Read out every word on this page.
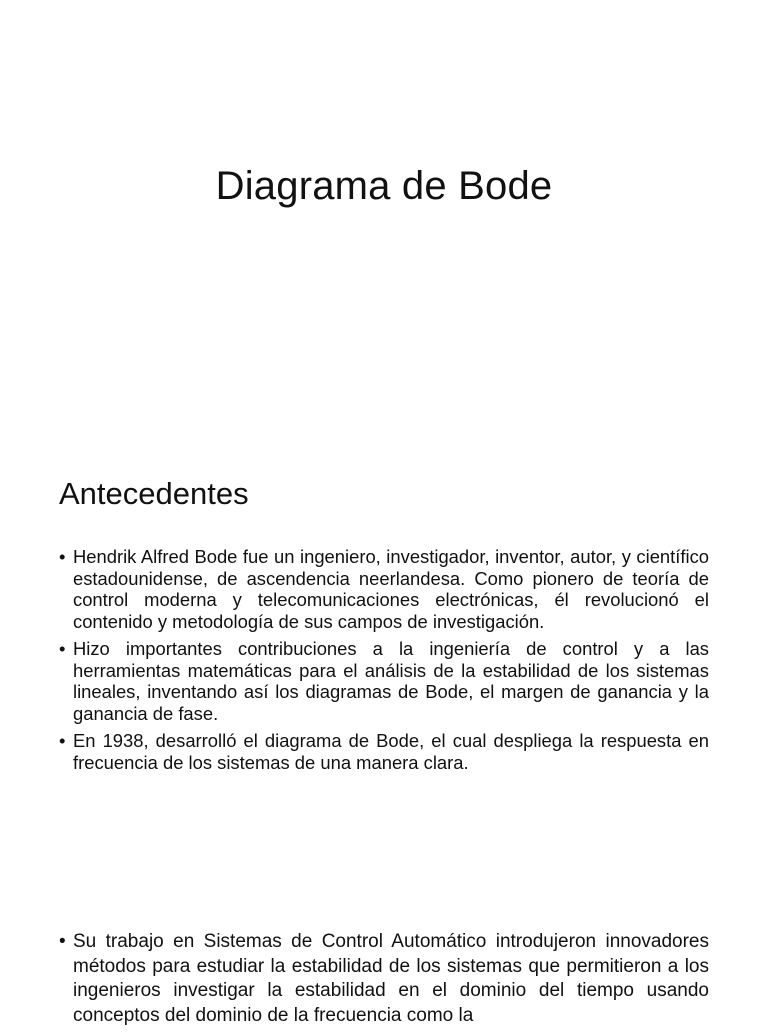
Diagrama de Bode
Antecedentes
• Hendrik Alfred Bode fue un ingeniero, investigador, inventor, autor, y científico estadounidense, de ascendencia neerlandesa. Como pionero de teoría de control moderna y telecomunicaciones electrónicas, él revolucionó el contenido y metodología de sus campos de investigación.
• Hizo importantes contribuciones a la ingeniería de control y a las herramientas matemáticas para el análisis de la estabilidad de los sistemas lineales, inventando así los diagramas de Bode, el margen de ganancia y la ganancia de fase.
• En 1938, desarrolló el diagrama de Bode, el cual despliega la respuesta en frecuencia de los sistemas de una manera clara.
• Su trabajo en Sistemas de Control Automático introdujeron innovadores métodos para estudiar la estabilidad de los sistemas que permitieron a los ingenieros investigar la estabilidad en el dominio del tiempo usando conceptos del dominio de la frecuencia como la
